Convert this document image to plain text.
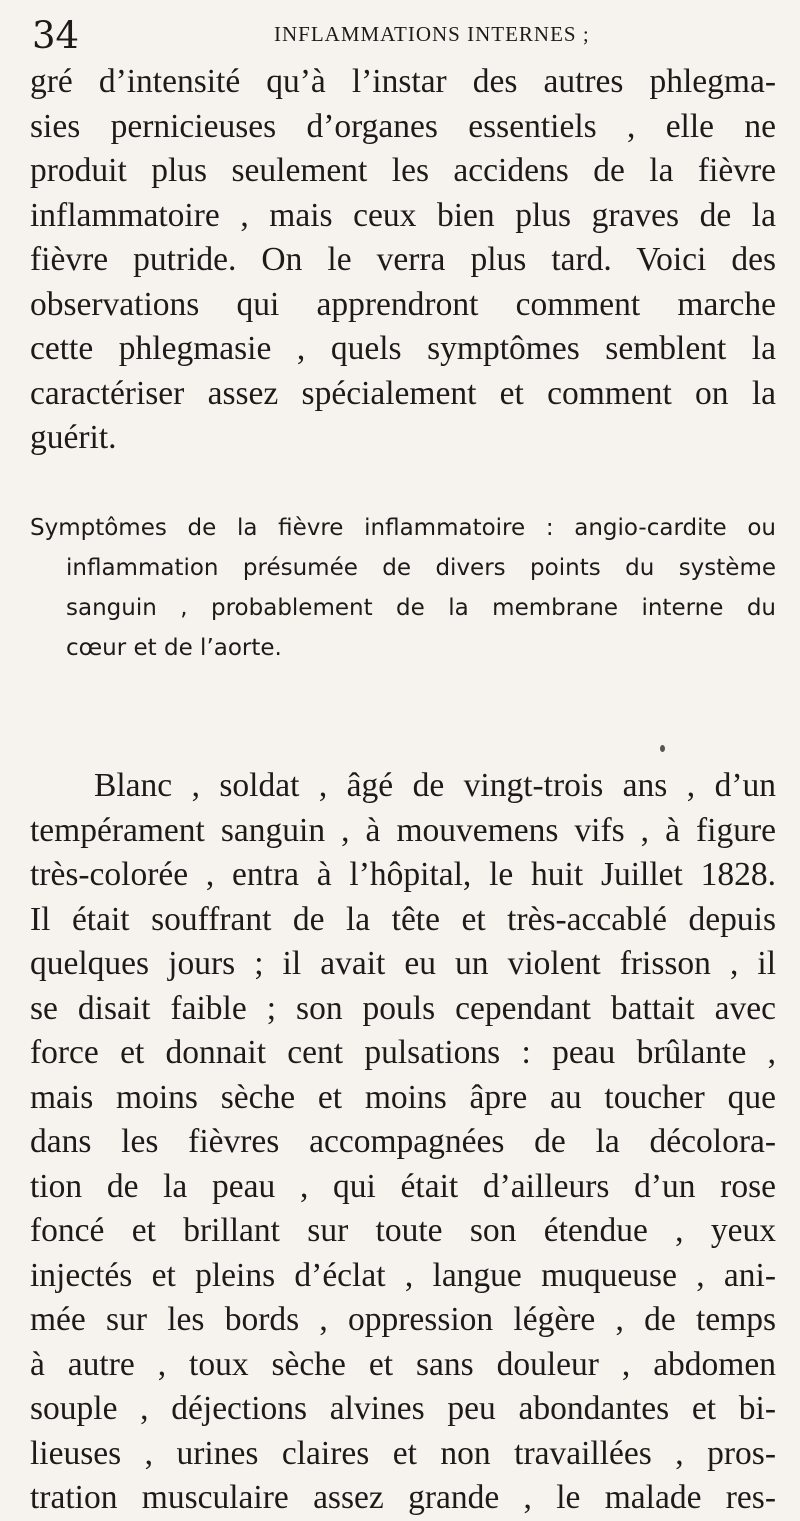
34	INFLAMMATIONS INTERNES ;
gré d’intensité qu’à l’instar des autres phlegma-
sies pernicieuses d’organes essentiels , elle ne
produit plus seulement les accidens de la fièvre
inflammatoire , mais ceux bien plus graves de la
fièvre putride. On le verra plus tard. Voici des
observations qui apprendront comment marche
cette phlegmasie , quels symptômes semblent la
caractériser assez spécialement et comment on la
guérit.
Symptômes de la fièvre inflammatoire : angio-cardite ou
inflammation présumée de divers points du système
sanguin , probablement de la membrane interne du
cœur et de l’aorte.
Blanc , soldat , âgé de vingt-trois ans , d’un
tempérament sanguin , à mouvemens vifs , à figure
très-colorée , entra à l’hôpital, le huit Juillet 1828.
Il était souffrant de la tête et très-accablé depuis
quelques jours ; il avait eu un violent frisson , il
se disait faible ; son pouls cependant battait avec
force et donnait cent pulsations : peau brûlante ,
mais moins sèche et moins âpre au toucher que
dans les fièvres accompagnées de la décolora-
tion de la peau , qui était d’ailleurs d’un rose
foncé et brillant sur toute son étendue , yeux
injectés et pleins d’éclat , langue muqueuse , ani-
mée sur les bords , oppression légère , de temps
à autre , toux sèche et sans douleur , abdomen
souple , déjections alvines peu abondantes et bi-
lieuses , urines claires et non travaillées , pros-
tration musculaire assez grande , le malade res-
